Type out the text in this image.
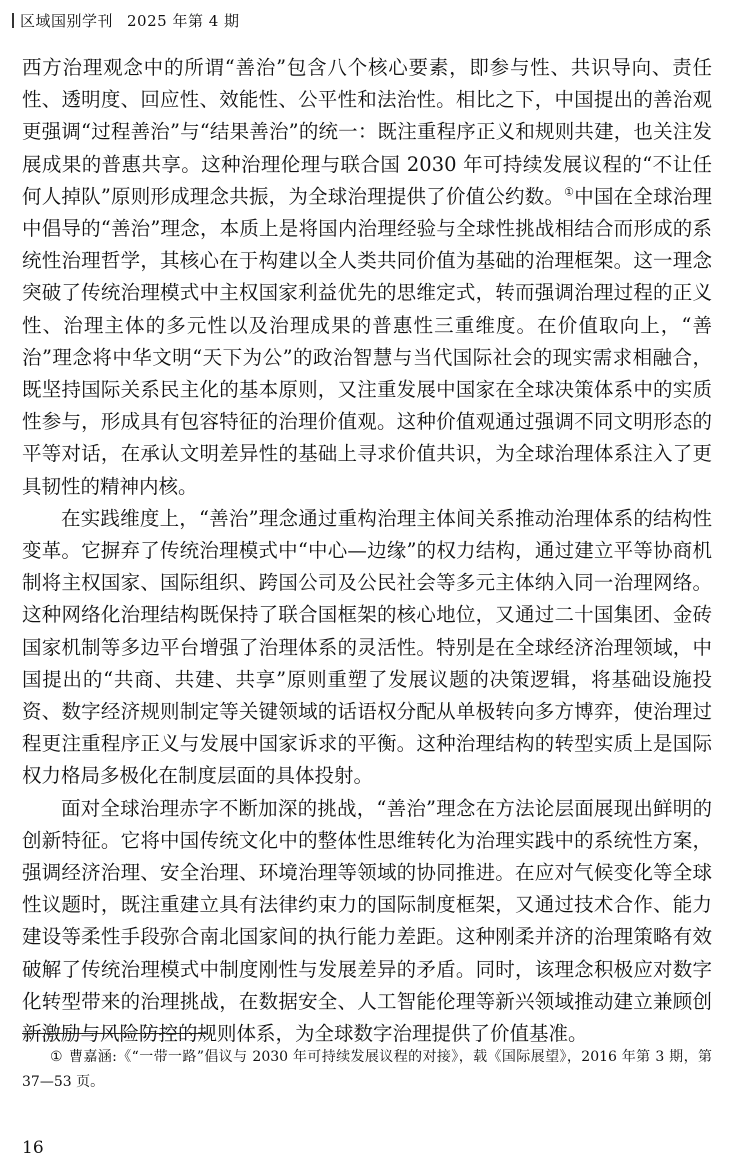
区域国别学刊 2025 年第 4 期

西方治理观念中的所谓“善治”包含八个核心要素，即参与性、共识导向、责任性、透明度、回应性、效能性、公平性和法治性。相比之下，中国提出的善治观更强调“过程善治”与“结果善治”的统一：既注重程序正义和规则共建，也关注发展成果的普惠共享。这种治理伦理与联合国 2030 年可持续发展议程的“不让任何人掉队”原则形成理念共振，为全球治理提供了价值公约数。①中国在全球治理中倡导的“善治”理念，本质上是将国内治理经验与全球性挑战相结合而形成的系统性治理哲学，其核心在于构建以全人类共同价值为基础的治理框架。这一理念突破了传统治理模式中主权国家利益优先的思维定式，转而强调治理过程的正义性、治理主体的多元性以及治理成果的普惠性三重维度。在价值取向上，“善治”理念将中华文明“天下为公”的政治智慧与当代国际社会的现实需求相融合，既坚持国际关系民主化的基本原则，又注重发展中国家在全球决策体系中的实质性参与，形成具有包容特征的治理价值观。这种价值观通过强调不同文明形态的平等对话，在承认文明差异性的基础上寻求价值共识，为全球治理体系注入了更具韧性的精神内核。

在实践维度上，“善治”理念通过重构治理主体间关系推动治理体系的结构性变革。它摒弃了传统治理模式中“中心—边缘”的权力结构，通过建立平等协商机制将主权国家、国际组织、跨国公司及公民社会等多元主体纳入同一治理网络。这种网络化治理结构既保持了联合国框架的核心地位，又通过二十国集团、金砖国家机制等多边平台增强了治理体系的灵活性。特别是在全球经济治理领域，中国提出的“共商、共建、共享”原则重塑了发展议题的决策逻辑，将基础设施投资、数字经济规则制定等关键领域的话语权分配从单极转向多方博弈，使治理过程更注重程序正义与发展中国家诉求的平衡。这种治理结构的转型实质上是国际权力格局多极化在制度层面的具体投射。

面对全球治理赤字不断加深的挑战，“善治”理念在方法论层面展现出鲜明的创新特征。它将中国传统文化中的整体性思维转化为治理实践中的系统性方案，强调经济治理、安全治理、环境治理等领域的协同推进。在应对气候变化等全球性议题时，既注重建立具有法律约束力的国际制度框架，又通过技术合作、能力建设等柔性手段弥合南北国家间的执行能力差距。这种刚柔并济的治理策略有效破解了传统治理模式中制度刚性与发展差异的矛盾。同时，该理念积极应对数字化转型带来的治理挑战，在数据安全、人工智能伦理等新兴领域推动建立兼顾创新激励与风险防控的规则体系，为全球数字治理提供了价值基准。

① 曹嘉涵:《“一带一路”倡议与 2030 年可持续发展议程的对接》，载《国际展望》，2016 年第 3 期，第 37—53 页。
16
